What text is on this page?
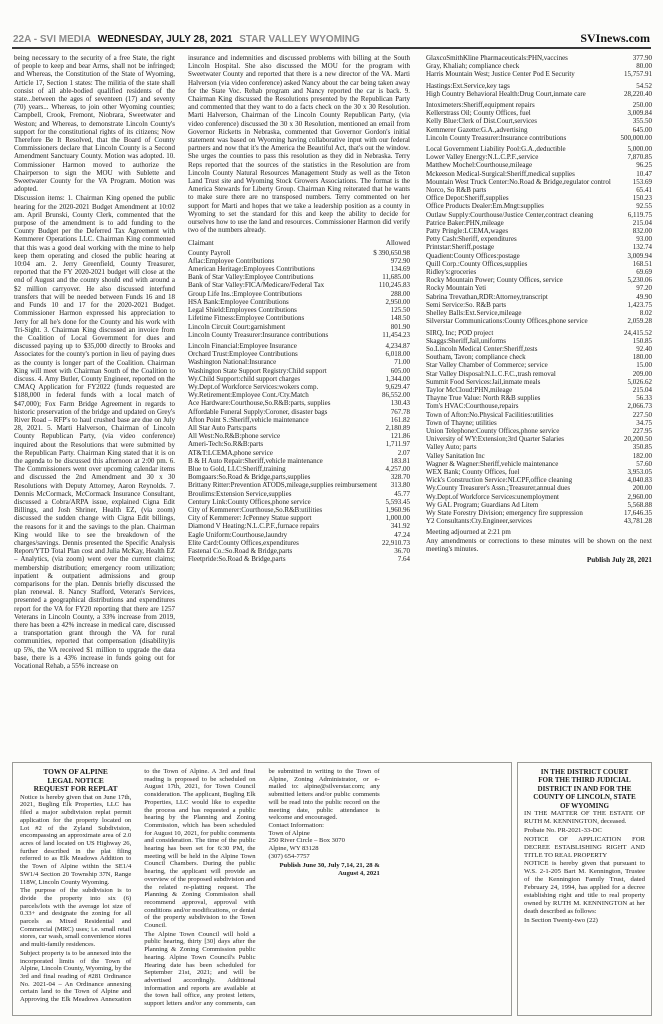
22A - SVI MEDIA WEDNESDAY, JULY 28, 2021 STAR VALLEY WYOMING	SVInews.com

being necessary to the security of a free State, the right of people to keep and bear Arms, shall not be infringed; and Whereas, the Constitution of the State of Wyoming, Article 17, Section 1 states: The militia of the state shall consist of all able-bodied qualified residents of the state...between the ages of seventeen (17) and seventy (70) years... Whereas, to join other Wyoming counties; Campbell, Crook, Fremont, Niobrara, Sweetwater and Weston; and Whereas, to demonstrate Lincoln County's support for the constitutional rights of its citizens; Now Therefore Be It Resolved, that the Board of County Commissioners declare that Lincoln County is a Second Amendment Sanctuary County. Motion was adopted. 10. Commissioner Harmon moved to authorize the Chairperson to sign the MOU with Sublette and Sweetwater County for the VA Program. Motion was adopted.

Discussion items: 1. Chairman King opened the public hearing for the 2020-2021 Budget Amendment at 10:02 am. April Brunski, County Clerk, commented that the purpose of the amendment is to add funding to the County Budget per the Deferred Tax Agreement with Kemmerer Operations LLC. Chairman King commented that this was a good deal working with the mine to help keep them operating and closed the public hearing at 10:04 am. 2. Jerry Greenfield, County Treasurer, reported that the FY 2020-2021 budget will close at the end of August and the county should end with around a $2 million carryover. He also discussed interfund transfers that will be needed between Funds 16 and 18 and Funds 10 and 17 for the 2020-2021 Budget. Commissioner Harmon expressed his appreciation to Jerry for all he's done for the County and his work with Tri-Sight. 3. Chairman King discussed an invoice from the Coalition of Local Government for dues and discussed paying up to $35,000 directly to Brooks and Associates for the county's portion in lieu of paying dues as the county is longer part of the Coalition. Chairman King will meet with Chairman South of the Coalition to discuss. 4. Amy Butler, County Engineer, reported on the CMAQ Application for FY2022 (funds requested are $188,000 in federal funds with a local match of $47,000); Fox Farm Bridge Agreement in regards to historic preservation of the bridge and updated on Grey's River Road – RFP's to haul crushed base are due on July 28, 2021. 5. Marti Halverson, Chairman of Lincoln County Republican Party, (via video conference) inquired about the Resolutions that were submitted by the Republican Party. Chairman King stated that it is on the agenda to be discussed this afternoon at 2:00 pm. 6. The Commissioners went over upcoming calendar items and discussed the 2nd Amendment and 30 x 30 Resolutions with Deputy Attorney, Aaron Reynolds. 7. Dennis McCormack, McCormack Insurance Consultant, discussed a Cobra/ARPA issue, explained Cigna Edit Billings, and Josh Shriner, Health EZ, (via zoom) discussed the sudden change with Cigna Edit billings, the reasons for it and the savings to the plan. Chairman King would like to see the breakdown of the charges/savings. Dennis presented the Specific Analysis Report/YTD Total Plan cost and Julia McKay, Health EZ – Analytics, (via zoom) went over the current claims; membership distribution; emergency room utilization; inpatient & outpatient admissions and group comparisons for the plan. Dennis briefly discussed the plan renewal. 8. Nancy Stafford, Veteran's Services, presented a geographical distributions and expenditures report for the VA for FY20 reporting that there are 1257 Veterans in Lincoln County, a 33% increase from 2019, there has been a 42% increase in medical care, discussed a transportation grant through the VA for rural communities, reported that compensation (disability)is up 5%, the VA received $1 million to upgrade the data base, there is a 43% increase in funds going out for Vocational Rehab, a 55% increase on

insurance and indemnities and discussed problems with billing at the South Lincoln Hospital. She also discussed the MOU for the program with Sweetwater County and reported that there is a new director of the VA. Marti Halverson (via video conference) asked Nancy about the car being taken away for the State Voc. Rehab program and Nancy reported the car is back. 9. Chairman King discussed the Resolutions presented by the Republican Party and commented that they want to do a facts check on the 30 x 30 Resolution. Marti Halverson, Chairman of the Lincoln County Republican Party, (via video conference) discussed the 30 x 30 Resolution, mentioned an email from Governor Ricketts in Nebraska, commented that Governor Gordon's initial statement was based on Wyoming having collaborative input with our federal partners and now that it's the America the Beautiful Act, that's out the window. She urges the counties to pass this resolution as they did in Nebraska. Terry Reps reported that the sources of the statistics in the Resolution are from Lincoln County Natural Resources Management Study as well as the Teton Land Trust site and Wyoming Stock Growers Associations. The format is the America Stewards for Liberty Group. Chairman King reiterated that he wants to make sure there are no transposed numbers. Terry commented on her support for Marti and hopes that we take a leadership position as a county in Wyoming to set the standard for this and keep the ability to decide for ourselves how to use the land and resources. Commissioner Harmon did verify two of the numbers already.

Claimant	Allowed
County Payroll	$ 390,650.98
Aflac:Employee Contributions	972.90
American Heritage:Employees Contributions	134.69
Bank of Star Valley:Employee Contributions	11,685.00
Bank of Star Valley:FICA/Medicare/Federal Tax	110,245.83
Group Life Ins.:Employee Contributions	288.00
HSA Bank:Employee Contributions	2,950.00
Legal Shield:Employees Contributions	125.50
Lifetime Fitness:Employee Contributions	148.50
Lincoln Circuit Court:garnishment	801.90
Lincoln County Treasurer:Insurance contributions	11,454.23
Lincoln Financial:Employee Insurance	4,234.87
Orchard Trust:Employee Contributions	6,018.00
Washington National:Insurance	71.00
Washington State Support Registry:Child support	605.00
Wy.Child Support:child support charges	1,344.00
Wy.Dept.of Workforce Services:wokers comp.	9,629.47
Wy.Retirement:Employee Cont./Cty.Match	86,552.00
Ace Hardware:Courthouse,So.R&B:parts, supplies	130.43
Affordable Funeral Supply:Coroner, disaster bags	767.78
Afton Point S.:Sheriff,vehicle maintenance	161.82
All Star Auto Parts:parts	2,180.89
All West:No.R&B:phone service	121.86
Ameri-Tech:So.R&B:parts	1,711.97
AT&T:LCEMA,phone service	2.07
B & H Auto Repair:Sheriff,vehicle maintenance	183.81
Blue to Gold, LLC:Sheriff,training	4,257.00
Bomgaars:So.Road & Bridge,parts,supplies	328.70
Brittany Ritter:Prevention ATODS,mileage,supplies reimbursement	313.80
Broulims:Extension Service,supplies	45.77
Century Link:County Offices,phone service	5,593.45
City of Kemmerer:Courthouse,So.R&B:utilities	1,960.96
City of Kemmerer: JcPenney Statue support	1,000.00
Diamond V Heating:N.L.C.P.F.,furnace repairs	341.92
Eagle Uniform:Courthouse,laundry	47.24
Elite Card:County Offices,expenditures	22,910.73
Fastenal Co.:So.Road & Bridge,parts	36.70
Fleetpride:So.Road & Bridge,parts	7.64
GlaxcoSmithKline Pharmaceuticals:PHN,vaccines	377.90
Gray, Khaliah; compliance check	80.00
Harris Mountain West; Justice Center Pod E Security	15,757.91
Hastings:Ext.Service,key tags	54.52
High Country Behavioral Health:Drug Court,inmate care	28,220.40
Intoximeters:Sheriff,equipment repairs	250.00
Kellerstrass Oil; County Offices, fuel	3,009.84
Kelly Blue:Clerk of Dist.Court,services	355.50
Kemmerer Gazette:G.A.,advertising	645.00
Lincoln County Treasurer:Insurance contributions	500,000.00
Local Government Liability Pool:G.A.,deductible	5,000.00
Lower Valley Energy:N.L.C.P.F.,service	7,870.85
Matthew Mochel:Courthouse,mileage	96.25
Mckeeson Medical-Surgical:Sheriff,medical supplies	10.47
Mountain West Truck Center:No.Road & Bridge,regulator control	153.69
Norco, So R&B parts	65.41
Office Depot:Sheriff,supplies	150.23
Office Products Dealer:Em.Mngt:supplies	92.55
Outlaw Supply:Courthouse/Justice Center,contract cleaning	6,119.75
Patrice Baker:PHN,mileage	215.04
Patty Pringle:LCEMA,wages	832.00
Petty Cash:Sheriff, expenditures	93.00
Printstar:Sheriff,postage	132.74
Quadient:County Offices:postage	3,009.94
Quill Corp.:County Offices,supplies	168.51
Ridley's:groceries	69.69
Rocky Mountain Power; County Offices, service	5,230.06
Rocky Mountain Yeti	97.20
Sabrina Trevathan,RDR:Attorney,transcript	49.90
Semi Service:So. R&B parts	1,423.75
Shelley Balls:Ext.Service,mileage	8.02
Silverstar Communications:County Offices,phone service	2,059.28
SIRQ, Inc; POD project	24,415.52
Skaggs:Sheriff,Jail,uniforms	150.85
So.Lincoln Medical Center:Sheriff,tests	92.40
Southam, Tavon; compliance check	180.00
Star Valley Chamber of Commerce; service	15.00
Star Valley Disposal:N.L.C.F.C.,trash removal	209.00
Summit Food Services:Jail,inmate meals	5,026.62
Taylor McCloud:PHN,mileage	215.04
Thayne True Value: North R&B supplies	56.33
Tom's HVAC:Courthouse,repairs	2,066.73
Town of Afton:No.Physical Facilities:utilities	227.50
Town of Thayne; utilities	34.75
Union Telephone:County Offices,phone service	227.95
University of WY:Extension;3rd Quarter Salaries	20,200.50
Valley Auto; parts	350.85
Valley Sanitation Inc	182.00
Wagner & Wagner:Sheriff,vehicle maintenance	57.60
WEX Bank; County Offices, fuel	3,953.05
Wick's Construction Service:NLCPF,office cleaning	4,040.83
Wy.County Treasurer's Assn.;Treasurer,annual dues	200.00
Wy.Dept.of Workforce Services:unemployment	2,960.00
Wy GAL Program; Guardians Ad Litem	5,568.88
Wy State Forestry Division; emergency fire suppression	17,646.35
Y2 Consultants:Cty.Engineer,services	43,781.28

Meeting adjourned at 2:21 pm

Any amendments or corrections to these minutes will be shown on the next meeting's minutes.

Publish July 28, 2021
TOWN OF ALPINE
LEGAL NOTICE
REQUEST FOR REPLAT

Notice is hereby given that on June 17th, 2021, Bugling Elk Properties, LLC has filed a major subdivision replat permit application for the property located on Lot #2 of the Zyland Subdivision, encompassing an approximate area of 2.0 acres of land located on US Highway 26, further described in the plat filing referred to as Elk Meadows Addition to the Town of Alpine within the SE1/4 SW1/4 Section 20 Township 37N, Range 118W, Lincoln County Wyoming.

The purpose of the subdivision is to divide the property into six (6) parcels/lots with the average lot size of 0.33+ and designate the zoning for all parcels as Mixed Residential and Commercial (MRC) uses; i.e. small retail stores, car wash, small convenience stores and multi-family residences.

Subject property is to be annexed into the incorporated limits of the Town of Alpine, Lincoln County, Wyoming, by the 3rd and final reading of #281 Ordinance No. 2021-04 – An Ordinance annexing certain land to the Town of Alpine and Approving the Elk Meadows Annexation to the Town of Alpine. A 3rd and final reading is proposed to be scheduled on August 17th, 2021, for Town Council consideration. The applicant, Bugling Elk Properties, LLC would like to expedite the process and has requested a public hearing by the Planning and Zoning Commission, which has been scheduled for August 10, 2021, for public comments and consideration. The time of the public hearing has been set for 6:30 PM, the meeting will be held in the Alpine Town Council Chambers. During the public hearing, the applicant will provide an overview of the proposed subdivision and the related re-platting request. The Planning & Zoning Commission shall recommend approval, approval with conditions and/or modifications, or denial of the property subdivision to the Town Council.

The Alpine Town Council will hold a public hearing, thirty [30] days after the Planning & Zoning Commission public hearing. Alpine Town Council's Public Hearing date has been scheduled for September 21st, 2021; and will be advertised accordingly. Additional information and reports are available at the town hall office, any protest letters, support letters and/or any comments, can be submitted in writing to the Town of Alpine, Zoning Administrator, or e-mailed to: alpine@silverstar.com; any submitted letters and/or public comments will be read into the public record on the meeting date, public attendance is welcome and encouraged.

Contact Information:

Town of Alpine

250 River Circle – Box 3070

Alpine, WY 83128

(307) 654-7757

Publish June 30, July 7,14, 21, 28 & August 4, 2021
IN THE DISTRICT COURT
FOR THE THIRD JUDICIAL
DISTRICT IN AND FOR THE
COUNTY OF LINCOLN, STATE
OF WYOMING

IN THE MATTER OF THE ESTATE OF RUTH M. KENNINGTON, deceased.

Probate No. PR-2021-33-DC

NOTICE OF APPLICATION FOR DECREE ESTABLISHING RIGHT AND TITLE TO REAL PROPERTY

NOTICE is hereby given that pursuant to W.S. 2-1-205 Bart M. Kennington, Trustee of the Kennington Family Trust, dated February 24, 1994, has applied for a decree establishing right and title to real property owned by RUTH M. KENNINGTON at her death described as follows:

In Section Twenty-two (22)
